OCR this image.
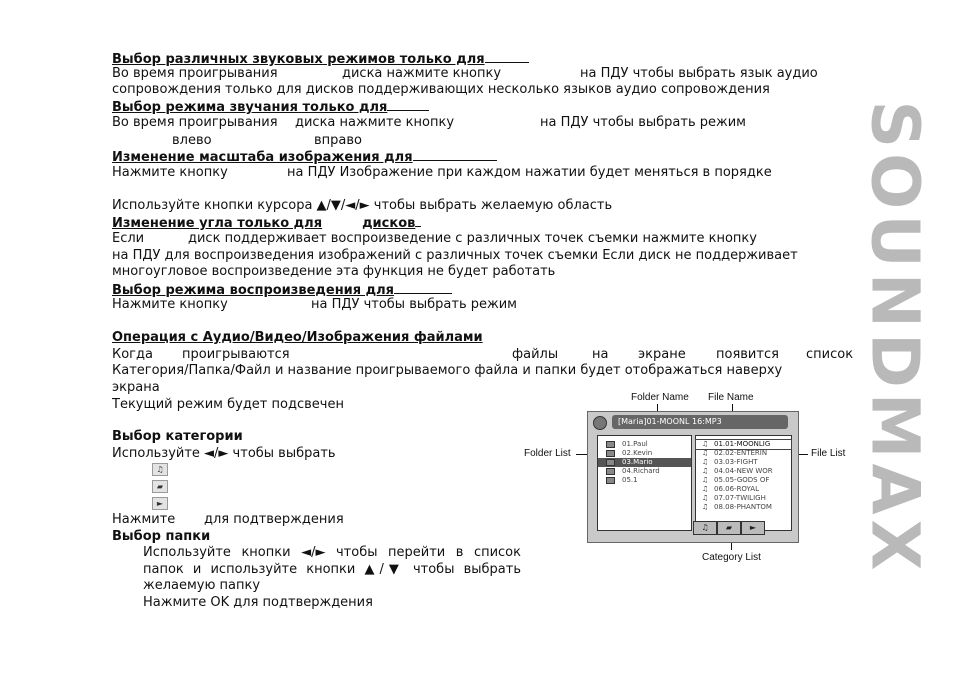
SOUNDMAX
Выбор различных звуковых режимов только для
Во время проигрывания	диска нажмите кнопку	на ПДУ чтобы выбрать язык аудио
сопровождения только для дисков поддерживающих несколько языков аудио сопровождения
Выбор режима звучания только для
Во время проигрывания диска нажмите кнопку	на ПДУ чтобы выбрать режим
влево	вправо
Изменение масштаба изображения для
Нажмите кнопку	на ПДУ Изображение при каждом нажатии будет меняться в порядке
Используйте кнопки курсора ▲/▼/◄/► чтобы выбрать желаемую область
Изменение угла только для	дисков
Если	диск поддерживает воспроизведение с различных точек съемки нажмите кнопку
на ПДУ для воспроизведения изображений с различных точек съемки Если диск не поддерживает
многоугловое воспроизведение эта функция не будет работать
Выбор режима воспроизведения для
Нажмите кнопку	на ПДУ чтобы выбрать режим
Операция с Аудио/Видео/Изображения файлами
Когда проигрываются	файлы	на экране появится список
Категория/Папка/Файл и название проигрываемого файла и папки будет отображаться наверху
экрана
Текущий режим будет подсвечен
Выбор категории
Используйте ◄/► чтобы выбрать
♫
▰
►
Нажмите для подтверждения
Выбор папки
Используйте кнопки ◄/► чтобы перейти в список
папок и используйте кнопки ▲/▼ чтобы выбрать
желаемую папку
Нажмите OK для подтверждения
Folder Name File Name
Folder List	File List
Category List
[Maria]01-MOONL 16:MP3
01.Paul
02.Kevin
03.Mario
04.Richard
05.1
♫ 01.01-MOONLIG
♫ 02.02-ENTERIN
♫ 03.03-FIGHT
♫ 04.04-NEW WOR
♫ 05.05-GODS OF
♫ 06.06-ROYAL
♫ 07.07-TWILIGH
♫ 08.08-PHANTOM
♫	▰	►
